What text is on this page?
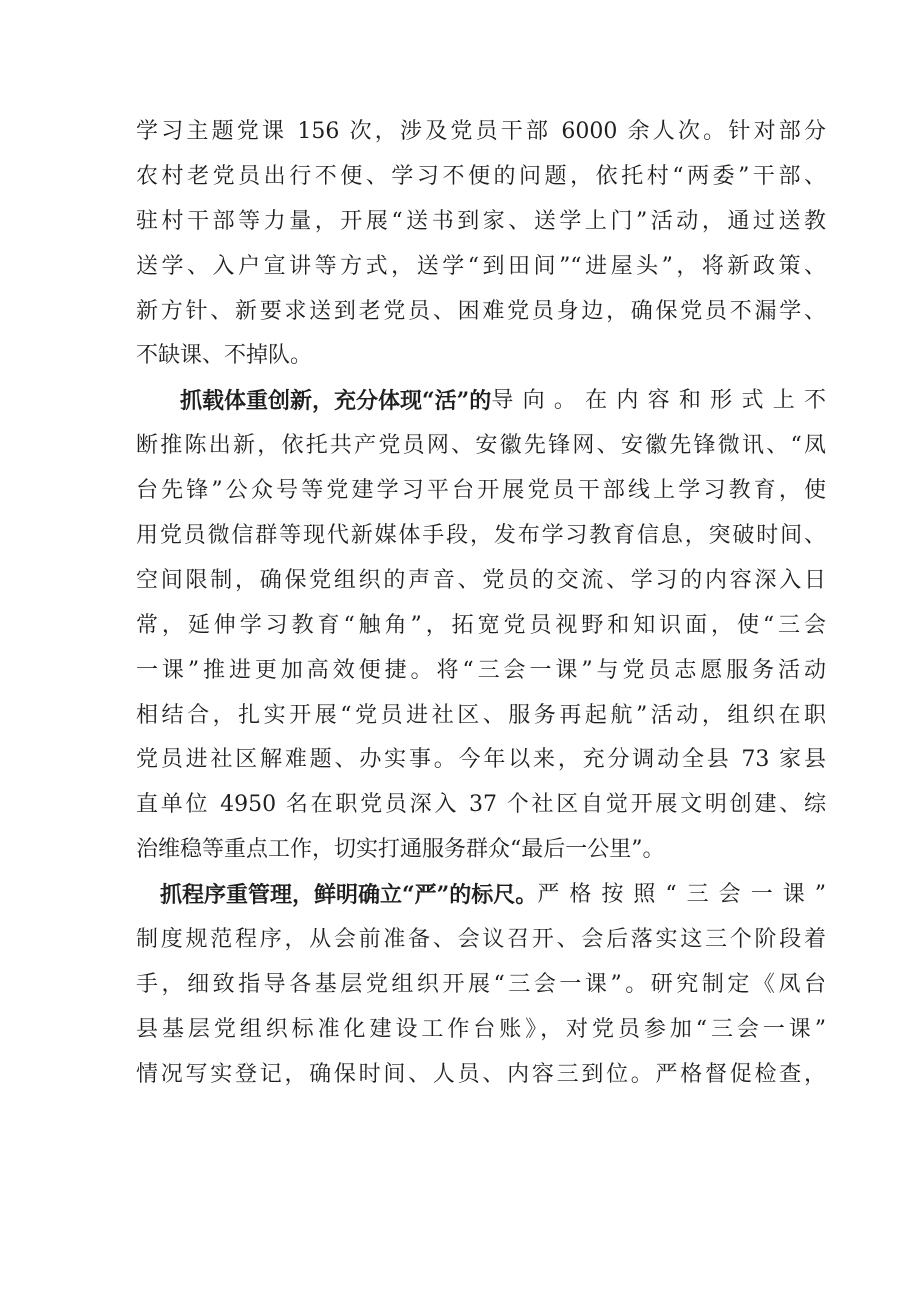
学习主题党课 156 次，涉及党员干部 6000 余人次。针对部分
农村老党员出行不便、学习不便的问题，依托村“两委”干部、
驻村干部等力量，开展“送书到家、送学上门”活动，通过送教
送学、入户宣讲等方式，送学“到田间”“进屋头”，将新政策、
新方针、新要求送到老党员、困难党员身边，确保党员不漏学、
不缺课、不掉队。
抓载体重创新，充分体现“活”的 导向。在内容和形式上不
断推陈出新，依托共产党员网、安徽先锋网、安徽先锋微讯、“凤
台先锋”公众号等党建学习平台开展党员干部线上学习教育，使
用党员微信群等现代新媒体手段，发布学习教育信息，突破时间、
空间限制，确保党组织的声音、党员的交流、学习的内容深入日
常，延伸学习教育“触角”，拓宽党员视野和知识面，使“三会
一课”推进更加高效便捷。将“三会一课”与党员志愿服务活动
相结合，扎实开展“党员进社区、服务再起航”活动，组织在职
党员进社区解难题、办实事。今年以来，充分调动全县 73 家县
直单位 4950 名在职党员深入 37 个社区自觉开展文明创建、综
治维稳等重点工作，切实打通服务群众“最后一公里”。
抓程序重管理，鲜明确立“严”的标尺。 严格按照“三会一课”
制度规范程序，从会前准备、会议召开、会后落实这三个阶段着
手，细致指导各基层党组织开展“三会一课”。研究制定《凤台
县基层党组织标准化建设工作台账》，对党员参加“三会一课”
情况写实登记，确保时间、人员、内容三到位。严格督促检查，
